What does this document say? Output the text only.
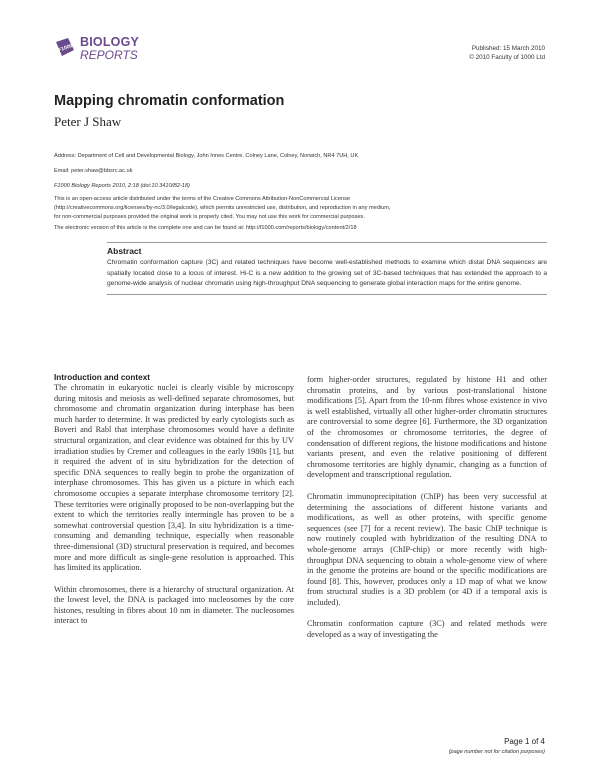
F1000 BIOLOGY
REPORTS	Published: 15 March 2010
© 2010 Faculty of 1000 Ltd
Mapping chromatin conformation
Peter J Shaw
Address: Department of Cell and Developmental Biology, John Innes Centre, Colney Lane, Colney, Norwich, NR4 7UH, UK
Email: peter.shaw@bbsrc.ac.uk
F1000 Biology Reports 2010, 2:18 (doi:10.3410/B2-18)
This is an open-access article distributed under the terms of the Creative Commons Attribution-NonCommercial License
(http://creativecommons.org/licenses/by-nc/3.0/legalcode), which permits unrestricted use, distribution, and reproduction in any medium,
for non-commercial purposes provided the original work is properly cited. You may not use this work for commercial purposes.
The electronic version of this article is the complete one and can be found at: http://f1000.com/reports/biology/content/2/18
Abstract
Chromatin conformation capture (3C) and related techniques have become well-established methods to examine which distal DNA sequences are spatially located close to a locus of interest. Hi-C is a new addition to the growing set of 3C-based techniques that has extended the approach to a genome-wide analysis of nuclear chromatin using high-throughput DNA sequencing to generate global interaction maps for the entire genome.
Introduction and context

The chromatin in eukaryotic nuclei is clearly visible by microscopy during mitosis and meiosis as well-defined separate chromosomes, but chromosome and chromatin organization during interphase has been much harder to determine. It was predicted by early cytologists such as Boveri and Rabl that interphase chromosomes would have a definite structural organization, and clear evidence was obtained for this by UV irradiation studies by Cremer and colleagues in the early 1980s [1], but it required the advent of in situ hybridization for the detection of specific DNA sequences to really begin to probe the organization of interphase chromosomes. This has given us a picture in which each chromosome occupies a separate interphase chromosome territory [2]. These territories were originally proposed to be non-overlapping but the extent to which the territories really intermingle has proven to be a somewhat controversial question [3,4]. In situ hybridization is a time-consuming and demanding technique, especially when reasonable three-dimensional (3D) structural preservation is required, and becomes more and more difficult as single-gene resolution is approached. This has limited its application.

Within chromosomes, there is a hierarchy of structural organization. At the lowest level, the DNA is packaged into nucleosomes by the core histones, resulting in fibres about 10 nm in diameter. The nucleosomes interact to

form higher-order structures, regulated by histone H1 and other chromatin proteins, and by various post-translational histone modifications [5]. Apart from the 10-nm fibres whose existence in vivo is well established, virtually all other higher-order chromatin structures are controversial to some degree [6]. Furthermore, the 3D organization of the chromosomes or chromosome territories, the degree of condensation of different regions, the histone modifications and histone variants present, and even the relative positioning of different chromosome territories are highly dynamic, changing as a function of development and transcriptional regulation.

Chromatin immunoprecipitation (ChIP) has been very successful at determining the associations of different histone variants and modifications, as well as other proteins, with specific genome sequences (see [7] for a recent review). The basic ChIP technique is now routinely coupled with hybridization of the resulting DNA to whole-genome arrays (ChIP-chip) or more recently with high-throughput DNA sequencing to obtain a whole-genome view of where in the genome the proteins are bound or the specific modifications are found [8]. This, however, produces only a 1D map of what we know from structural studies is a 3D problem (or 4D if a temporal axis is included).

Chromatin conformation capture (3C) and related methods were developed as a way of investigating the

Page 1 of 4
(page number not for citation purposes)
